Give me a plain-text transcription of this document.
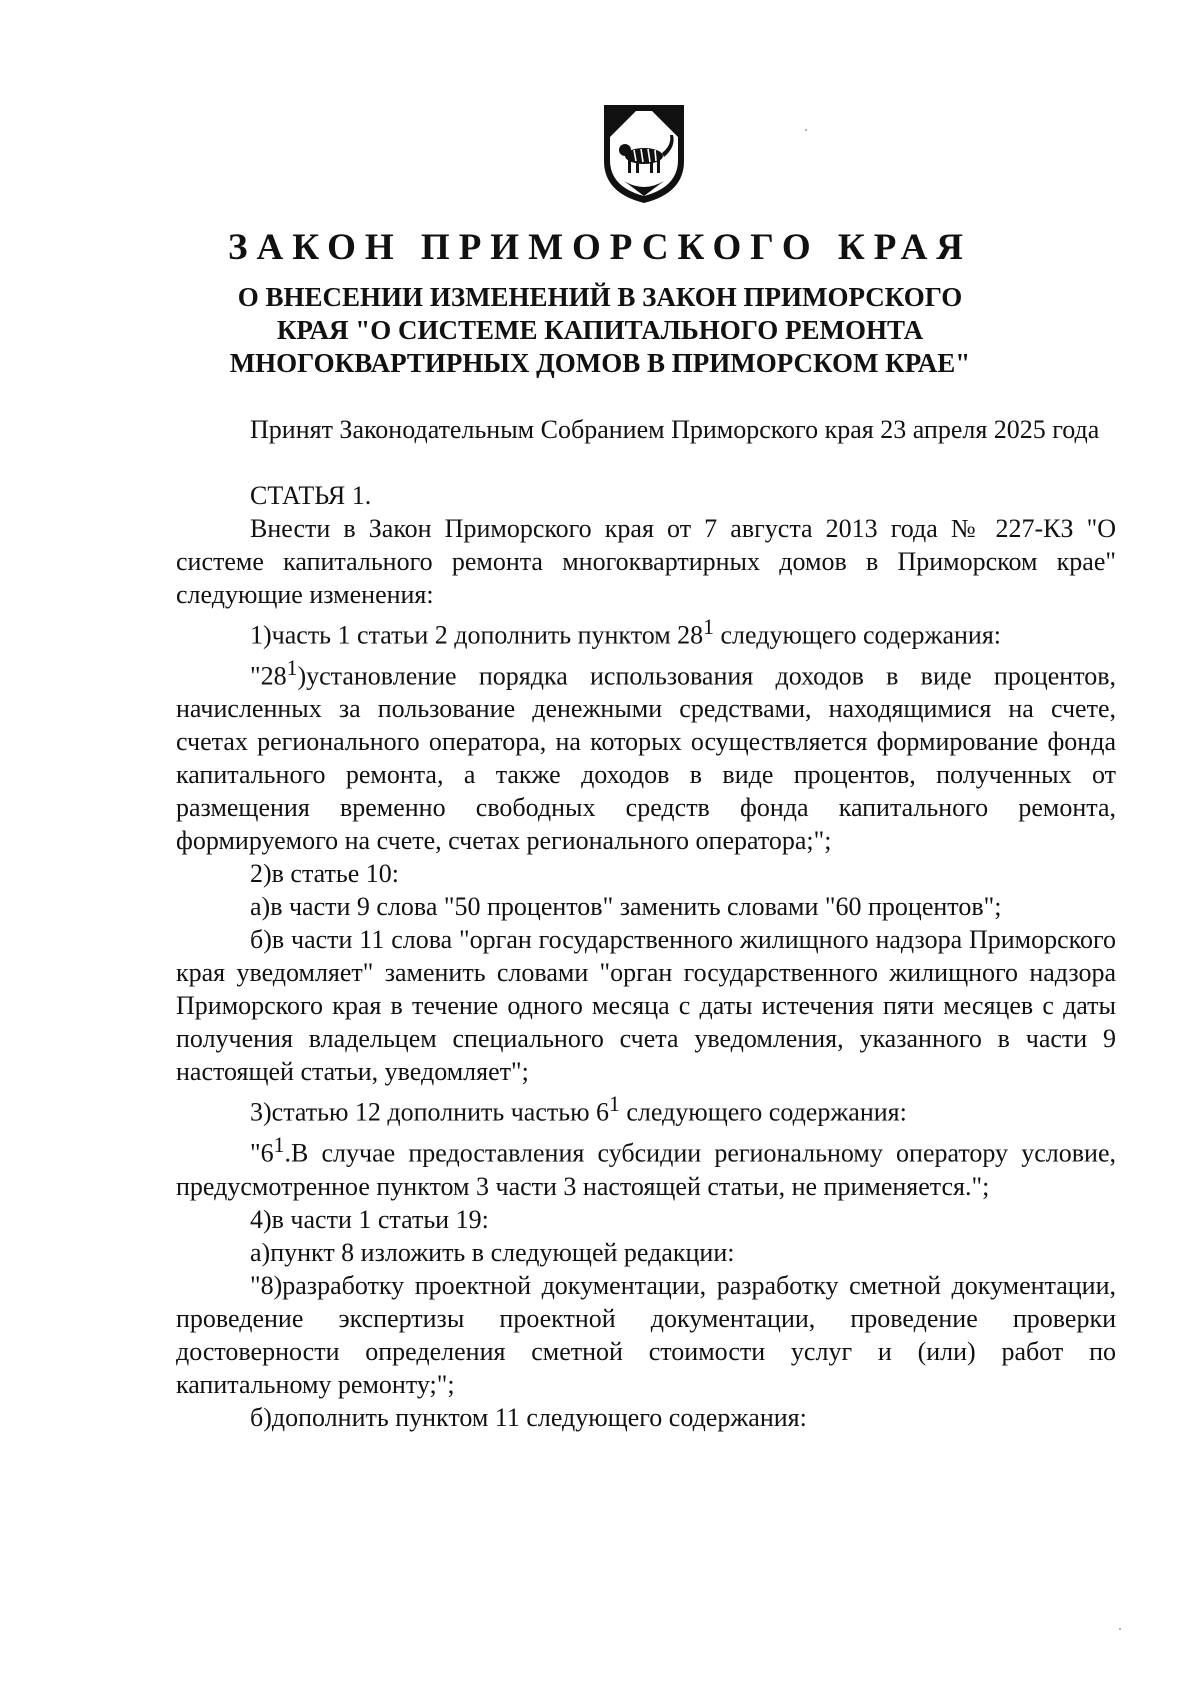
ЗАКОН ПРИМОРСКОГО КРАЯ
О ВНЕСЕНИИ ИЗМЕНЕНИЙ В ЗАКОН ПРИМОРСКОГО
КРАЯ "О СИСТЕМЕ КАПИТАЛЬНОГО РЕМОНТА
МНОГОКВАРТИРНЫХ ДОМОВ В ПРИМОРСКОМ КРАЕ"

Принят Законодательным Собранием Приморского края 23 апреля 2025 года

СТАТЬЯ 1.

Внести в Закон Приморского края от 7 августа 2013 года № 227-КЗ "О системе капитального ремонта многоквартирных домов в Приморском крае" следующие изменения:

1)часть 1 статьи 2 дополнить пунктом $28^1$ следующего содержания:

"$28^1)установление$ порядка использования доходов в виде процентов, начисленных за пользование денежными средствами, находящимися на счете, счетах регионального оператора, на которых осуществляется формирование фонда капитального ремонта, а также доходов в виде процентов, полученных от размещения временно свободных средств фонда капитального ремонта, формируемого на счете, счетах регионального оператора;";

2)в статье 10:

а)в части 9 слова "50 процентов" заменить словами "60 процентов";

б)в части 11 слова "орган государственного жилищного надзора Приморского края уведомляет" заменить словами "орган государственного жилищного надзора Приморского края в течение одного месяца с даты истечения пяти месяцев с даты получения владельцем специального счета уведомления, указанного в части 9 настоящей статьи, уведомляет";

3)статью 12 дополнить частью $6^1$ следующего содержания:

"$6^1.В$ случае предоставления субсидии региональному оператору условие, предусмотренное пунктом 3 части 3 настоящей статьи, не применяется.";

4)в части 1 статьи 19:

а)пункт 8 изложить в следующей редакции:

"8)разработку проектной документации, разработку сметной документации, проведение экспертизы проектной документации, проведение проверки достоверности определения сметной стоимости услуг и (или) работ по капитальному ремонту;";

б)дополнить пунктом 11 следующего содержания:
